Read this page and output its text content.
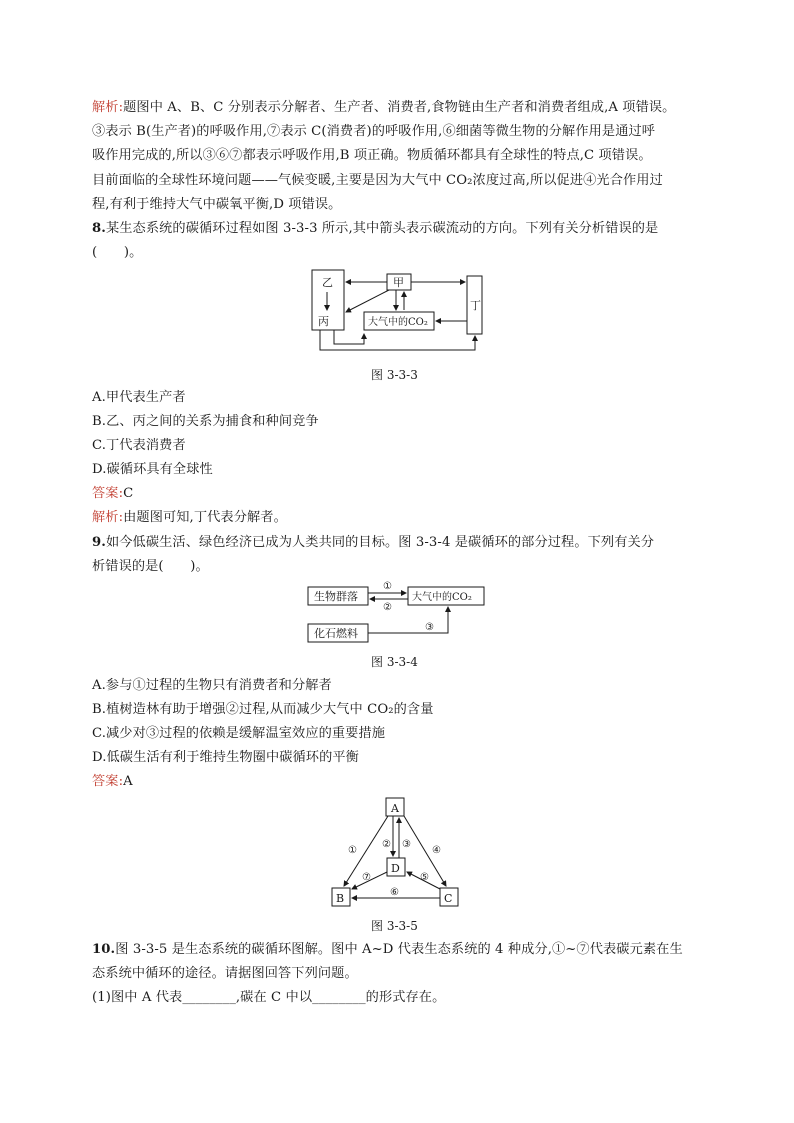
解析:题图中 A、B、C 分别表示分解者、生产者、消费者,食物链由生产者和消费者组成,A 项错误。
③表示 B(生产者)的呼吸作用,⑦表示 C(消费者)的呼吸作用,⑥细菌等微生物的分解作用是通过呼
吸作用完成的,所以③⑥⑦都表示呼吸作用,B 项正确。物质循环都具有全球性的特点,C 项错误。
目前面临的全球性环境问题——气候变暖,主要是因为大气中 CO₂浓度过高,所以促进④光合作用过
程,有利于维持大气中碳氧平衡,D 项错误。
8.某生态系统的碳循环过程如图 3-3-3 所示,其中箭头表示碳流动的方向。下列有关分析错误的是
(　　)。
乙
丙
甲
丁
大气中的CO₂
图 3-3-3
A.甲代表生产者
B.乙、丙之间的关系为捕食和种间竞争
C.丁代表消费者
D.碳循环具有全球性
答案:C
解析:由题图可知,丁代表分解者。
9.如今低碳生活、绿色经济已成为人类共同的目标。图 3-3-4 是碳循环的部分过程。下列有关分
析错误的是(　　)。
生物群落	大气中的CO₂
化石燃料
①
②
③
图 3-3-4
A.参与①过程的生物只有消费者和分解者
B.植树造林有助于增强②过程,从而减少大气中 CO₂的含量
C.减少对③过程的依赖是缓解温室效应的重要措施
D.低碳生活有利于维持生物圈中碳循环的平衡
答案:A
A
D
B	C
①
② ③
④
⑤
⑥
⑦
图 3-3-5
10.图 3-3-5 是生态系统的碳循环图解。图中 A~D 代表生态系统的 4 种成分,①~⑦代表碳元素在生
态系统中循环的途径。请据图回答下列问题。
(1)图中 A 代表________,碳在 C 中以________的形式存在。
